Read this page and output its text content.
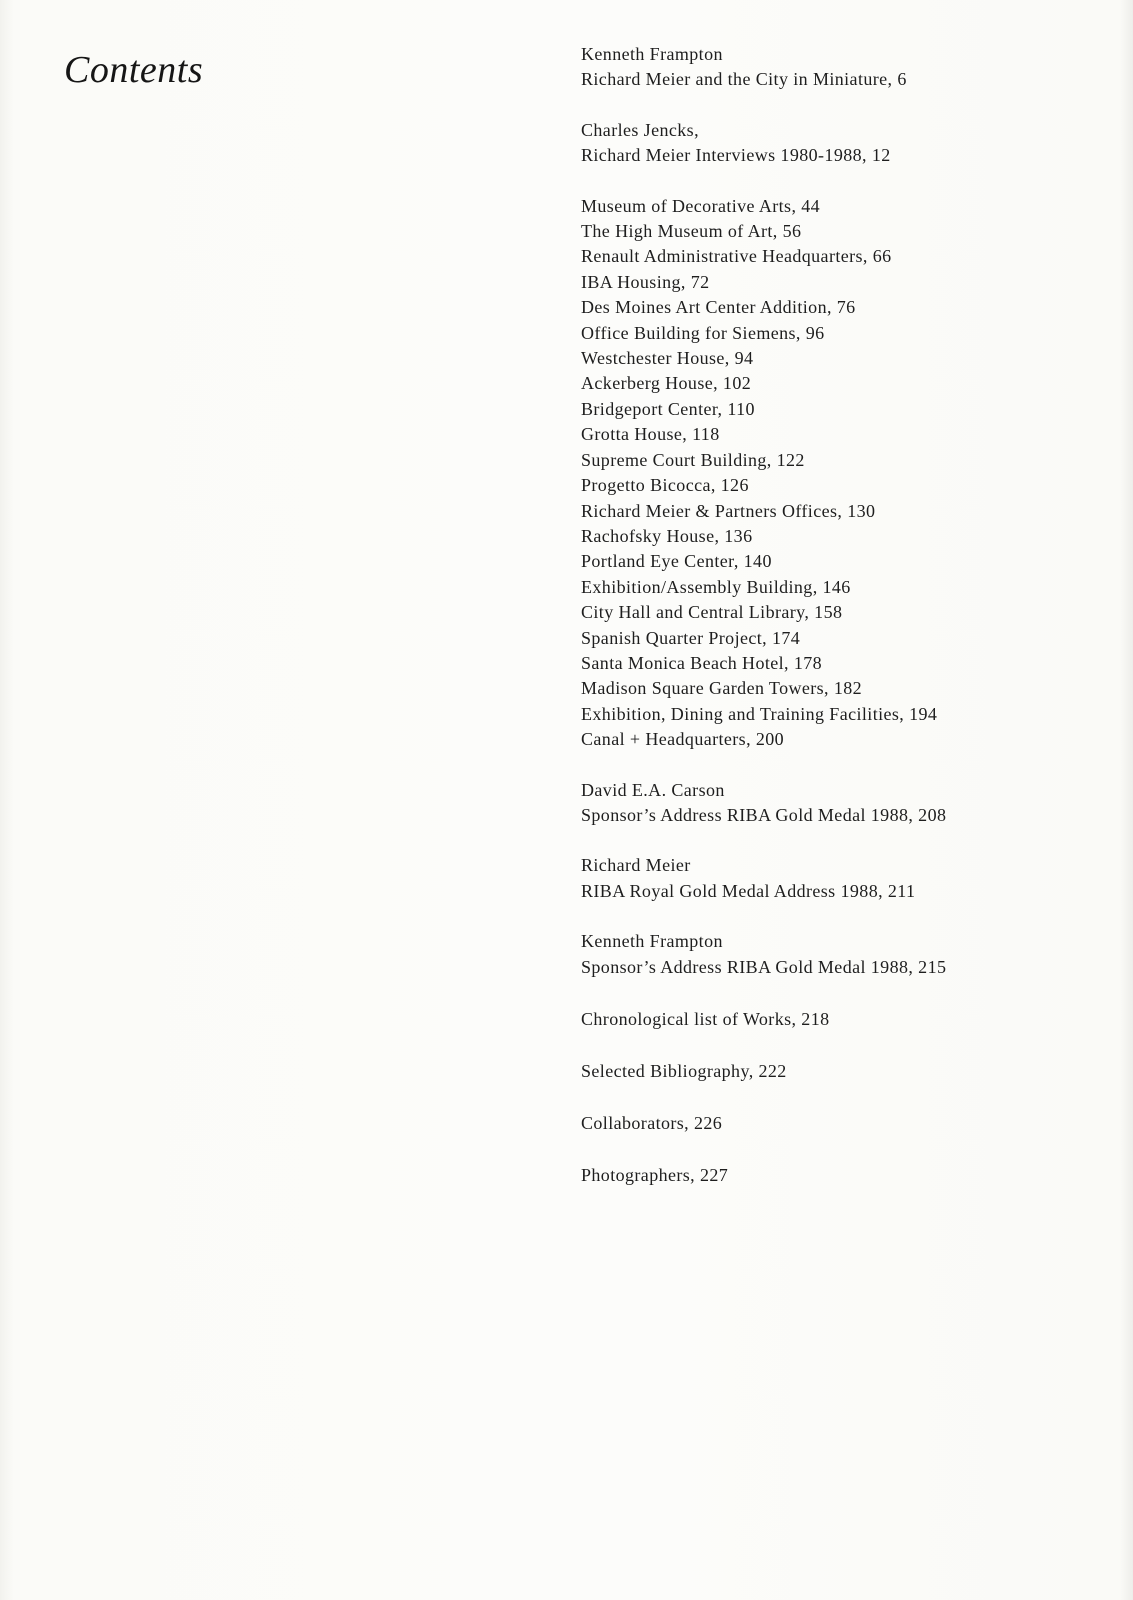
Contents	Kenneth Frampton
Richard Meier and the City in Miniature, 6
Charles Jencks,
Richard Meier Interviews 1980-1988, 12
Museum of Decorative Arts, 44
The High Museum of Art, 56
Renault Administrative Headquarters, 66
IBA Housing, 72
Des Moines Art Center Addition, 76
Office Building for Siemens, 96
Westchester House, 94
Ackerberg House, 102
Bridgeport Center, 110
Grotta House, 118
Supreme Court Building, 122
Progetto Bicocca, 126
Richard Meier & Partners Offices, 130
Rachofsky House, 136
Portland Eye Center, 140
Exhibition/Assembly Building, 146
City Hall and Central Library, 158
Spanish Quarter Project, 174
Santa Monica Beach Hotel, 178
Madison Square Garden Towers, 182
Exhibition, Dining and Training Facilities, 194
Canal + Headquarters, 200
David E.A. Carson
Sponsor’s Address RIBA Gold Medal 1988, 208
Richard Meier
RIBA Royal Gold Medal Address 1988, 211
Kenneth Frampton
Sponsor’s Address RIBA Gold Medal 1988, 215
Chronological list of Works, 218
Selected Bibliography, 222
Collaborators, 226
Photographers, 227
